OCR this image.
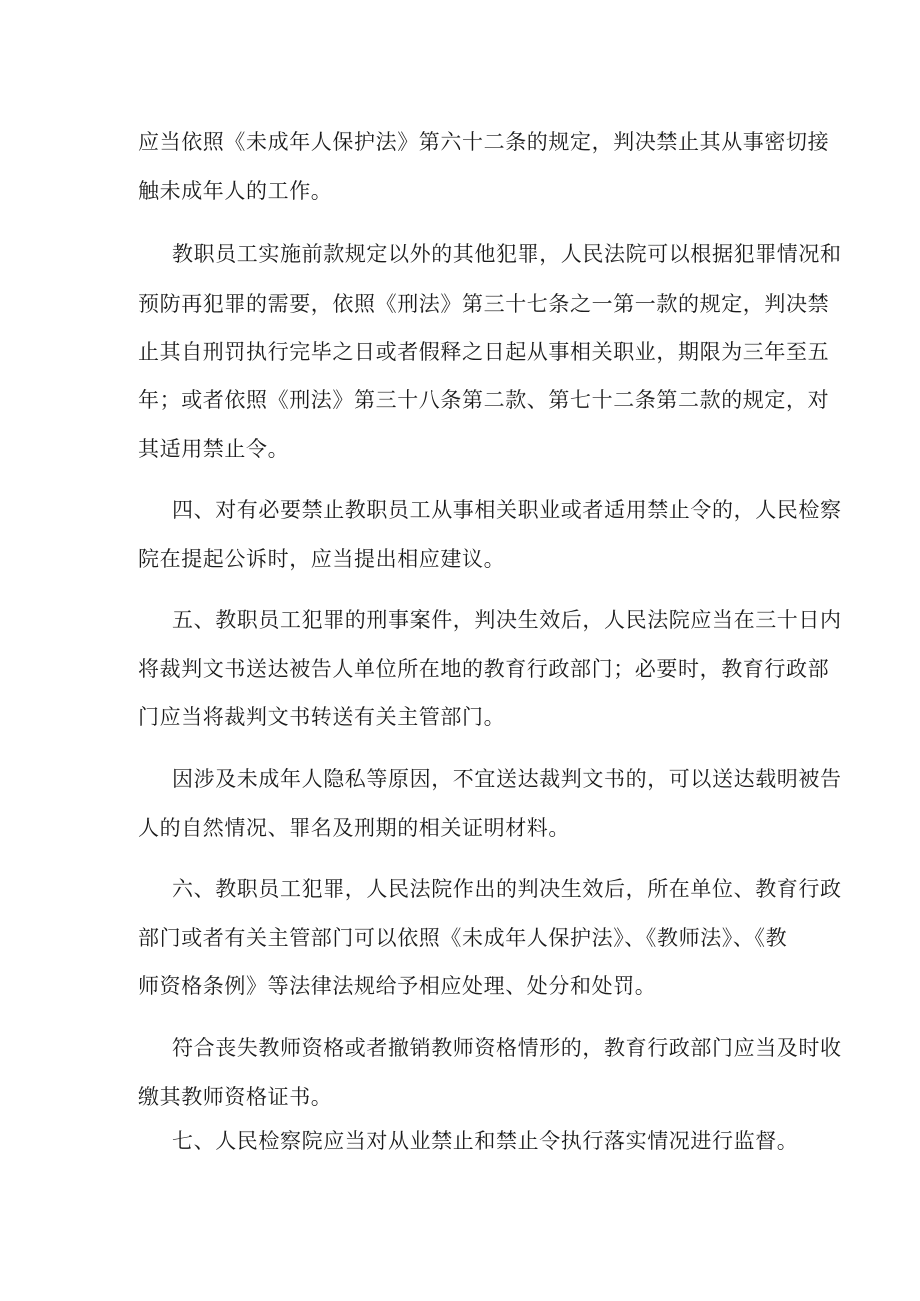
应当依照《未成年人保护法》第六十二条的规定，判决禁止其从事密切接
触未成年人的工作。
教职员工实施前款规定以外的其他犯罪，人民法院可以根据犯罪情况和
预防再犯罪的需要，依照《刑法》第三十七条之一第一款的规定，判决禁
止其自刑罚执行完毕之日或者假释之日起从事相关职业，期限为三年至五
年；或者依照《刑法》第三十八条第二款、第七十二条第二款的规定，对
其适用禁止令。
四、对有必要禁止教职员工从事相关职业或者适用禁止令的，人民检察
院在提起公诉时，应当提出相应建议。
五、教职员工犯罪的刑事案件，判决生效后，人民法院应当在三十日内
将裁判文书送达被告人单位所在地的教育行政部门；必要时，教育行政部
门应当将裁判文书转送有关主管部门。
因涉及未成年人隐私等原因，不宜送达裁判文书的，可以送达载明被告
人的自然情况、罪名及刑期的相关证明材料。
六、教职员工犯罪，人民法院作出的判决生效后，所在单位、教育行政
部门或者有关主管部门可以依照《未成年人保护法》、《教师法》、《教
师资格条例》等法律法规给予相应处理、处分和处罚。
符合丧失教师资格或者撤销教师资格情形的，教育行政部门应当及时收
缴其教师资格证书。
七、人民检察院应当对从业禁止和禁止令执行落实情况进行监督。
